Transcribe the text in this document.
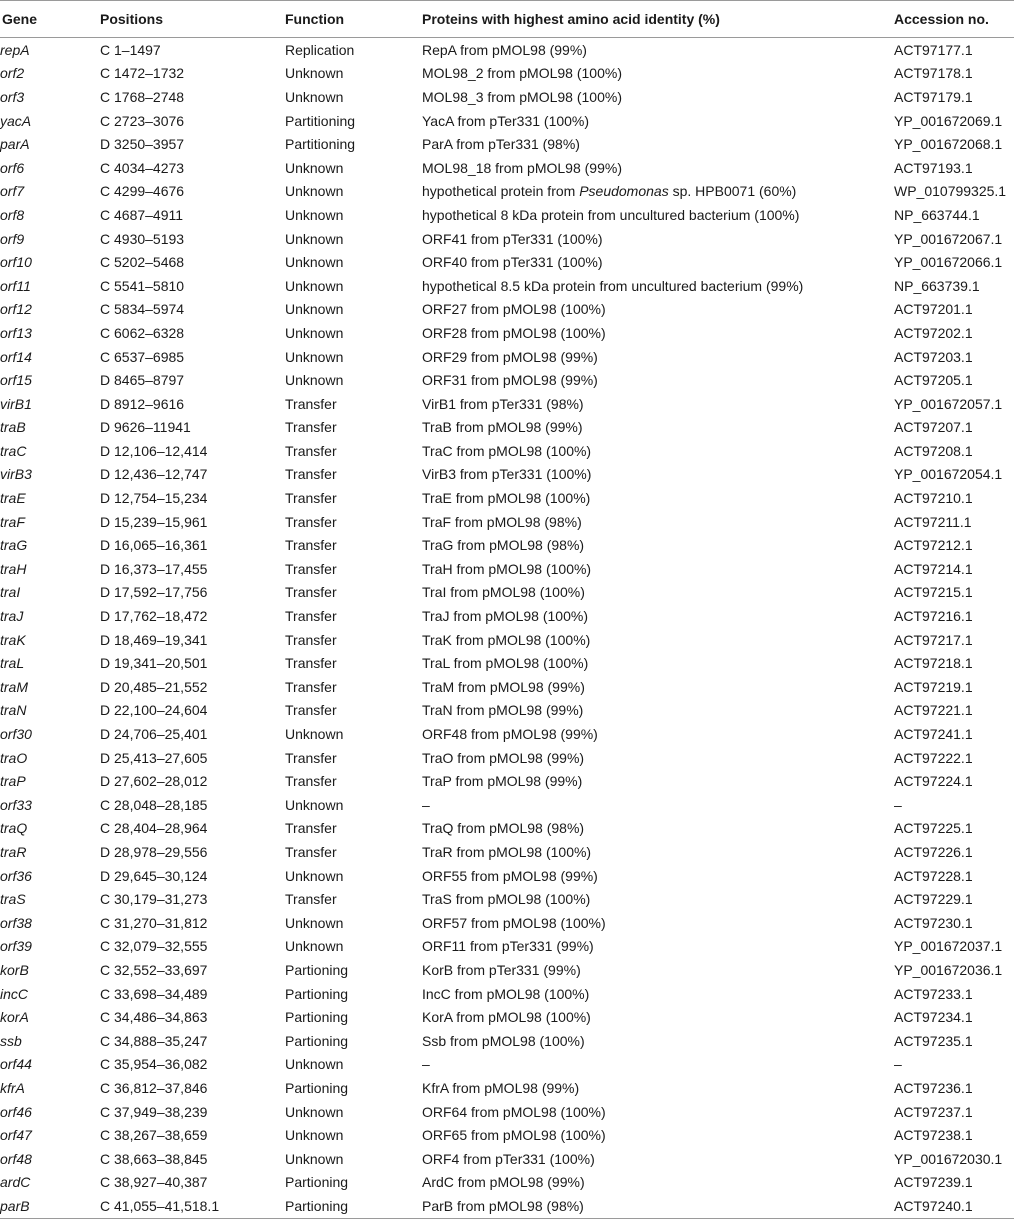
Gene	Positions	Function	Proteins with highest amino acid identity (%)	Accession no.
repA	C 1–1497	Replication	RepA from pMOL98 (99%)	ACT97177.1
orf2	C 1472–1732	Unknown	MOL98_2 from pMOL98 (100%)	ACT97178.1
orf3	C 1768–2748	Unknown	MOL98_3 from pMOL98 (100%)	ACT97179.1
yacA	C 2723–3076	Partitioning	YacA from pTer331 (100%)	YP_001672069.1
parA	D 3250–3957	Partitioning	ParA from pTer331 (98%)	YP_001672068.1
orf6	C 4034–4273	Unknown	MOL98_18 from pMOL98 (99%)	ACT97193.1
orf7	C 4299–4676	Unknown	hypothetical protein from Pseudomonas sp. HPB0071 (60%)	WP_010799325.1
orf8	C 4687–4911	Unknown	hypothetical 8 kDa protein from uncultured bacterium (100%)	NP_663744.1
orf9	C 4930–5193	Unknown	ORF41 from pTer331 (100%)	YP_001672067.1
orf10	C 5202–5468	Unknown	ORF40 from pTer331 (100%)	YP_001672066.1
orf11	C 5541–5810	Unknown	hypothetical 8.5 kDa protein from uncultured bacterium (99%)	NP_663739.1
orf12	C 5834–5974	Unknown	ORF27 from pMOL98 (100%)	ACT97201.1
orf13	C 6062–6328	Unknown	ORF28 from pMOL98 (100%)	ACT97202.1
orf14	C 6537–6985	Unknown	ORF29 from pMOL98 (99%)	ACT97203.1
orf15	D 8465–8797	Unknown	ORF31 from pMOL98 (99%)	ACT97205.1
virB1	D 8912–9616	Transfer	VirB1 from pTer331 (98%)	YP_001672057.1
traB	D 9626–11941	Transfer	TraB from pMOL98 (99%)	ACT97207.1
traC	D 12,106–12,414	Transfer	TraC from pMOL98 (100%)	ACT97208.1
virB3	D 12,436–12,747	Transfer	VirB3 from pTer331 (100%)	YP_001672054.1
traE	D 12,754–15,234	Transfer	TraE from pMOL98 (100%)	ACT97210.1
traF	D 15,239–15,961	Transfer	TraF from pMOL98 (98%)	ACT97211.1
traG	D 16,065–16,361	Transfer	TraG from pMOL98 (98%)	ACT97212.1
traH	D 16,373–17,455	Transfer	TraH from pMOL98 (100%)	ACT97214.1
traI	D 17,592–17,756	Transfer	TraI from pMOL98 (100%)	ACT97215.1
traJ	D 17,762–18,472	Transfer	TraJ from pMOL98 (100%)	ACT97216.1
traK	D 18,469–19,341	Transfer	TraK from pMOL98 (100%)	ACT97217.1
traL	D 19,341–20,501	Transfer	TraL from pMOL98 (100%)	ACT97218.1
traM	D 20,485–21,552	Transfer	TraM from pMOL98 (99%)	ACT97219.1
traN	D 22,100–24,604	Transfer	TraN from pMOL98 (99%)	ACT97221.1
orf30	D 24,706–25,401	Unknown	ORF48 from pMOL98 (99%)	ACT97241.1
traO	D 25,413–27,605	Transfer	TraO from pMOL98 (99%)	ACT97222.1
traP	D 27,602–28,012	Transfer	TraP from pMOL98 (99%)	ACT97224.1
orf33	C 28,048–28,185	Unknown	–	–
traQ	C 28,404–28,964	Transfer	TraQ from pMOL98 (98%)	ACT97225.1
traR	D 28,978–29,556	Transfer	TraR from pMOL98 (100%)	ACT97226.1
orf36	D 29,645–30,124	Unknown	ORF55 from pMOL98 (99%)	ACT97228.1
traS	C 30,179–31,273	Transfer	TraS from pMOL98 (100%)	ACT97229.1
orf38	C 31,270–31,812	Unknown	ORF57 from pMOL98 (100%)	ACT97230.1
orf39	C 32,079–32,555	Unknown	ORF11 from pTer331 (99%)	YP_001672037.1
korB	C 32,552–33,697	Partioning	KorB from pTer331 (99%)	YP_001672036.1
incC	C 33,698–34,489	Partioning	IncC from pMOL98 (100%)	ACT97233.1
korA	C 34,486–34,863	Partioning	KorA from pMOL98 (100%)	ACT97234.1
ssb	C 34,888–35,247	Partioning	Ssb from pMOL98 (100%)	ACT97235.1
orf44	C 35,954–36,082	Unknown	–	–
kfrA	C 36,812–37,846	Partioning	KfrA from pMOL98 (99%)	ACT97236.1
orf46	C 37,949–38,239	Unknown	ORF64 from pMOL98 (100%)	ACT97237.1
orf47	C 38,267–38,659	Unknown	ORF65 from pMOL98 (100%)	ACT97238.1
orf48	C 38,663–38,845	Unknown	ORF4 from pTer331 (100%)	YP_001672030.1
ardC	C 38,927–40,387	Partioning	ArdC from pMOL98 (99%)	ACT97239.1
parB	C 41,055–41,518.1	Partioning	ParB from pMOL98 (98%)	ACT97240.1
